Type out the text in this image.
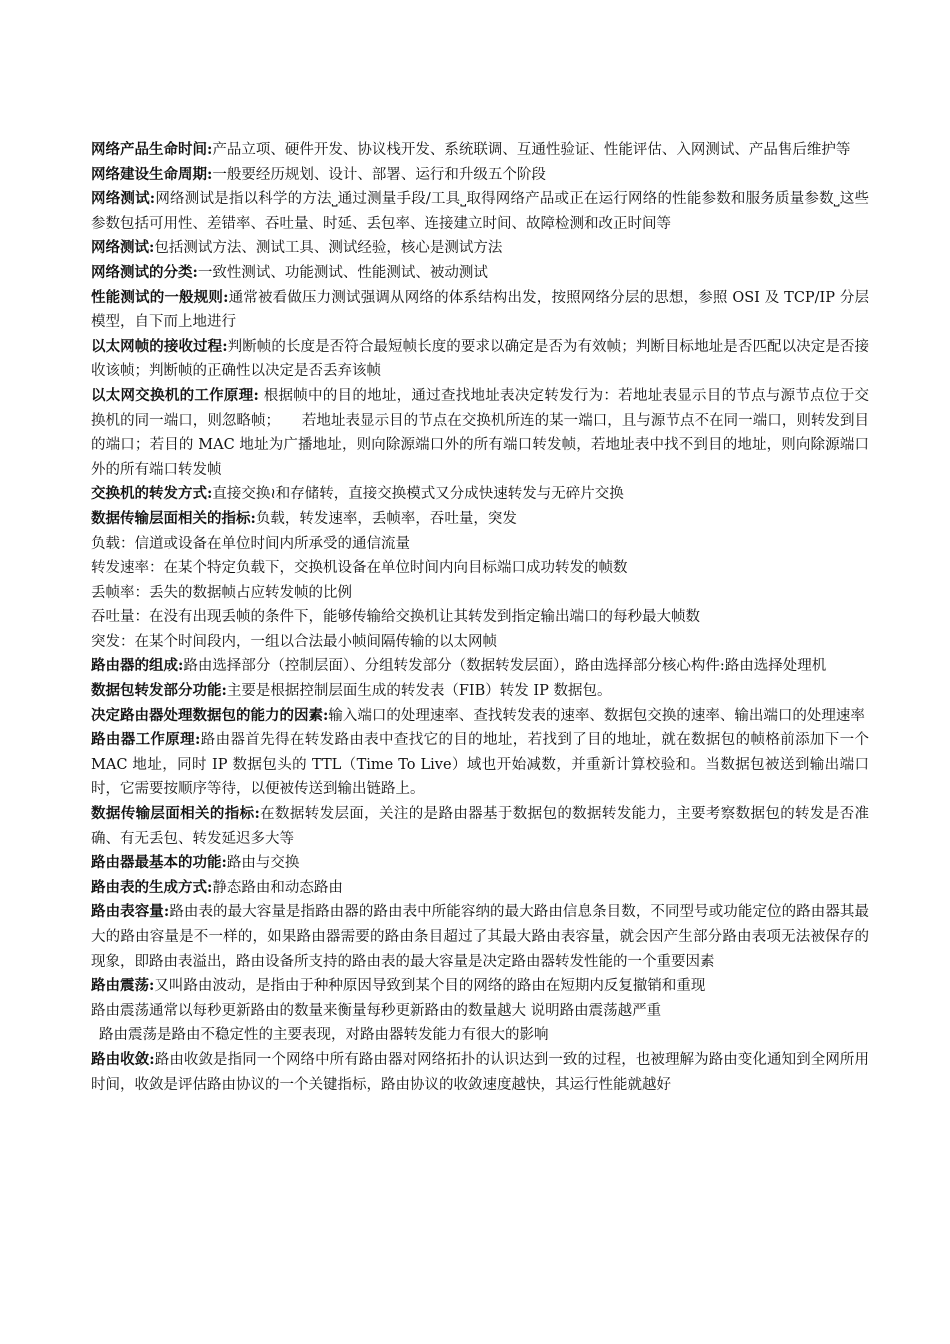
网络产品生命时间:产品立项、硬件开发、协议栈开发、系统联调、互通性验证、性能评估、入网测试、产品售后维护等

网络建设生命周期:一般要经历规划、设计、部署、运行和升级五个阶段

网络测试:网络测试是指以科学的方法⎵通过测量手段/工具⎵取得网络产品或正在运行网络的性能参数和服务质量参数⎵这些参数包括可用性、差错率、吞吐量、时延、丢包率、连接建立时间、故障检测和改正时间等

网络测试:包括测试方法、测试工具、测试经验，核心是测试方法

网络测试的分类:一致性测试、功能测试、性能测试、被动测试

性能测试的一般规则:通常被看做压力测试强调从网络的体系结构出发，按照网络分层的思想，参照 OSI 及 TCP/IP 分层模型，自下而上地进行

以太网帧的接收过程:判断帧的长度是否符合最短帧长度的要求以确定是否为有效帧；判断目标地址是否匹配以决定是否接收该帧；判断帧的正确性以决定是否丢弃该帧

以太网交换机的工作原理: 根据帧中的目的地址，通过查找地址表决定转发行为：若地址表显示目的节点与源节点位于交换机的同一端口，则忽略帧；　　若地址表显示目的节点在交换机所连的某一端口，且与源节点不在同一端口，则转发到目的端口；若目的 MAC 地址为广播地址，则向除源端口外的所有端口转发帧，若地址表中找不到目的地址，则向除源端口外的所有端口转发帧

交换机的转发方式:直接交换≀和存储转，直接交换模式又分成快速转发与无碎片交换

数据传输层面相关的指标:负载，转发速率，丢帧率，吞吐量，突发

负载：信道或设备在单位时间内所承受的通信流量

转发速率：在某个特定负载下，交换机设备在单位时间内向目标端口成功转发的帧数

丢帧率：丢失的数据帧占应转发帧的比例

吞吐量：在没有出现丢帧的条件下，能够传输给交换机让其转发到指定输出端口的每秒最大帧数

突发：在某个时间段内，一组以合法最小帧间隔传输的以太网帧

路由器的组成:路由选择部分（控制层面）、分组转发部分（数据转发层面），路由选择部分核心构件:路由选择处理机

数据包转发部分功能:主要是根据控制层面生成的转发表（FIB）转发 IP 数据包。

决定路由器处理数据包的能力的因素:输入端口的处理速率、查找转发表的速率、数据包交换的速率、输出端口的处理速率

路由器工作原理:路由器首先得在转发路由表中查找它的目的地址，若找到了目的地址，就在数据包的帧格前添加下一个 MAC 地址，同时 IP 数据包头的 TTL（Time To Live）域也开始减数，并重新计算校验和。当数据包被送到输出端口时，它需要按顺序等待，以便被传送到输出链路上。

数据传输层面相关的指标:在数据转发层面，关注的是路由器基于数据包的数据转发能力，主要考察数据包的转发是否准确、有无丢包、转发延迟多大等

路由器最基本的功能:路由与交换

路由表的生成方式:静态路由和动态路由

路由表容量:路由表的最大容量是指路由器的路由表中所能容纳的最大路由信息条目数，不同型号或功能定位的路由器其最大的路由容量是不一样的，如果路由器需要的路由条目超过了其最大路由表容量，就会因产生部分路由表项无法被保存的现象，即路由表溢出，路由设备所支持的路由表的最大容量是决定路由器转发性能的一个重要因素

路由震荡:又叫路由波动，是指由于种种原因导致到某个目的网络的路由在短期内反复撤销和重现

路由震荡通常以每秒更新路由的数量来衡量每秒更新路由的数量越大 说明路由震荡越严重

路由震荡是路由不稳定性的主要表现，对路由器转发能力有很大的影响

路由收敛:路由收敛是指同一个网络中所有路由器对网络拓扑的认识达到一致的过程，也被理解为路由变化通知到全网所用时间，收敛是评估路由协议的一个关键指标，路由协议的收敛速度越快，其运行性能就越好
